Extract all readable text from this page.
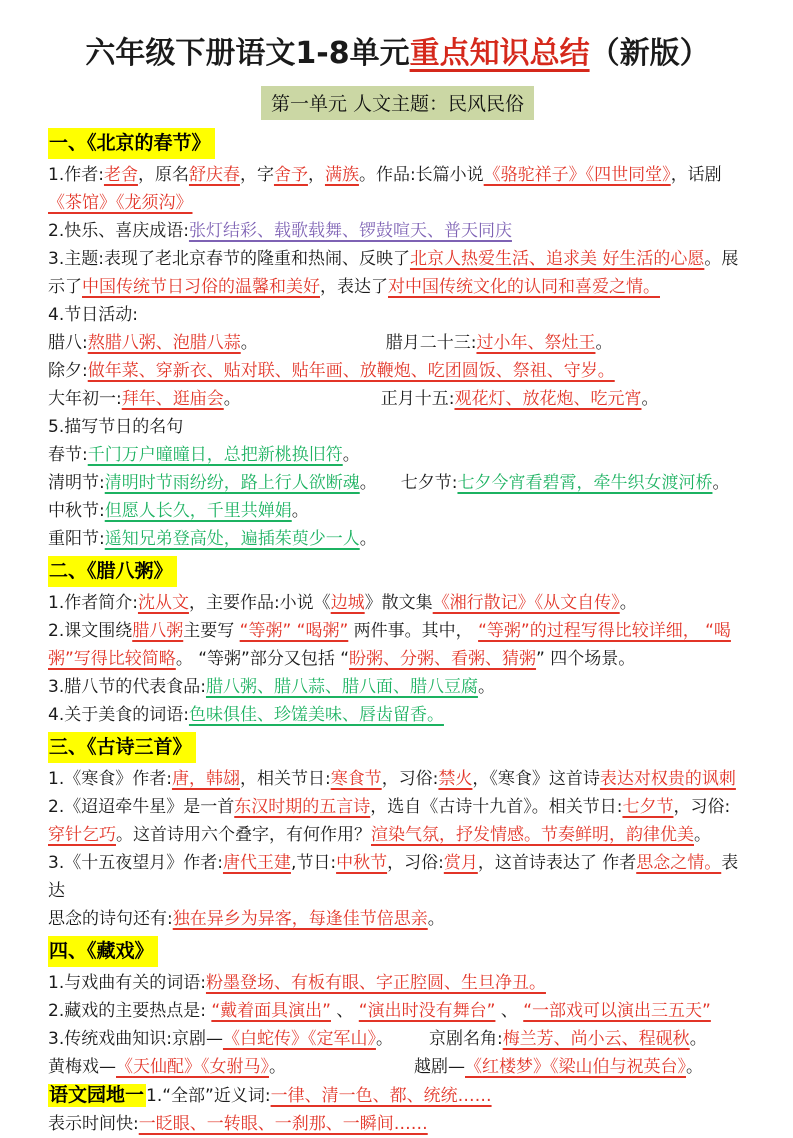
六年级下册语文1-8单元重点知识总结（新版）
第一单元 人文主题：民风民俗
一、《北京的春节》
1.作者:老舍，原名舒庆春，字舍予，满族。作品:长篇小说《骆驼祥子》《四世同堂》，话剧《茶馆》《龙须沟》
2.快乐、喜庆成语:张灯结彩、载歌载舞、锣鼓喧天、普天同庆
3.主题:表现了老北京春节的隆重和热闹、反映了北京人热爱生活、追求美 好生活的心愿。展示了中国传统节日习俗的温馨和美好，表达了对中国传统文化的认同和喜爱之情。
4.节日活动:
腊八:熬腊八粥、泡腊八蒜。	腊月二十三:过小年、祭灶王。
除夕:做年菜、穿新衣、贴对联、贴年画、放鞭炮、吃团圆饭、祭祖、守岁。
大年初一:拜年、逛庙会。	正月十五:观花灯、放花炮、吃元宵。
5.描写节日的名句
春节:千门万户曈曈日，总把新桃换旧符。
清明节:清明时节雨纷纷，路上行人欲断魂。 七夕节:七夕今宵看碧霄，牵牛织女渡河桥。
中秋节:但愿人长久，千里共婵娟。
重阳节:遥知兄弟登高处，遍插茱萸少一人。
二、《腊八粥》
1.作者简介:沈从文，主要作品:小说《边城》散文集《湘行散记》《从文自传》。
2.课文围绕腊八粥主要写 “等粥” “喝粥” 两件事。其中， “等粥”的过程写得比较详细， “喝粥”写得比较简略。 “等粥”部分又包括 “盼粥、分粥、看粥、猜粥” 四个场景。
3.腊八节的代表食品:腊八粥、腊八蒜、腊八面、腊八豆腐。
4.关于美食的词语:色味俱佳、珍馐美味、唇齿留香。
三、《古诗三首》
1.《寒食》作者:唐，韩翃，相关节日:寒食节，习俗:禁火，《寒食》这首诗表达对权贵的讽刺
2.《迢迢牵牛星》是一首东汉时期的五言诗，选自《古诗十九首》。相关节日:七夕节，习俗:穿针乞巧。这首诗用六个叠字，有何作用？渲染气氛，抒发情感。节奏鲜明，韵律优美。
3.《十五夜望月》作者:唐代王建,节日:中秋节，习俗:赏月，这首诗表达了 作者思念之情。表达
思念的诗句还有:独在异乡为异客，每逢佳节倍思亲。
四、《藏戏》
1.与戏曲有关的词语:粉墨登场、有板有眼、字正腔圆、生旦净丑。
2.藏戏的主要热点是: “戴着面具演出” 、 “演出时没有舞台” 、 “一部戏可以演出三五天”
3.传统戏曲知识:京剧—《白蛇传》《定军山》。 京剧名角:梅兰芳、尚小云、程砚秋。
黄梅戏—《天仙配》《女驸马》。	越剧—《红楼梦》《梁山伯与祝英台》。
语文园地一 1.“全部”近义词:一律、清一色、都、统统……
表示时间快:一眨眼、一转眼、一刹那、一瞬间……
